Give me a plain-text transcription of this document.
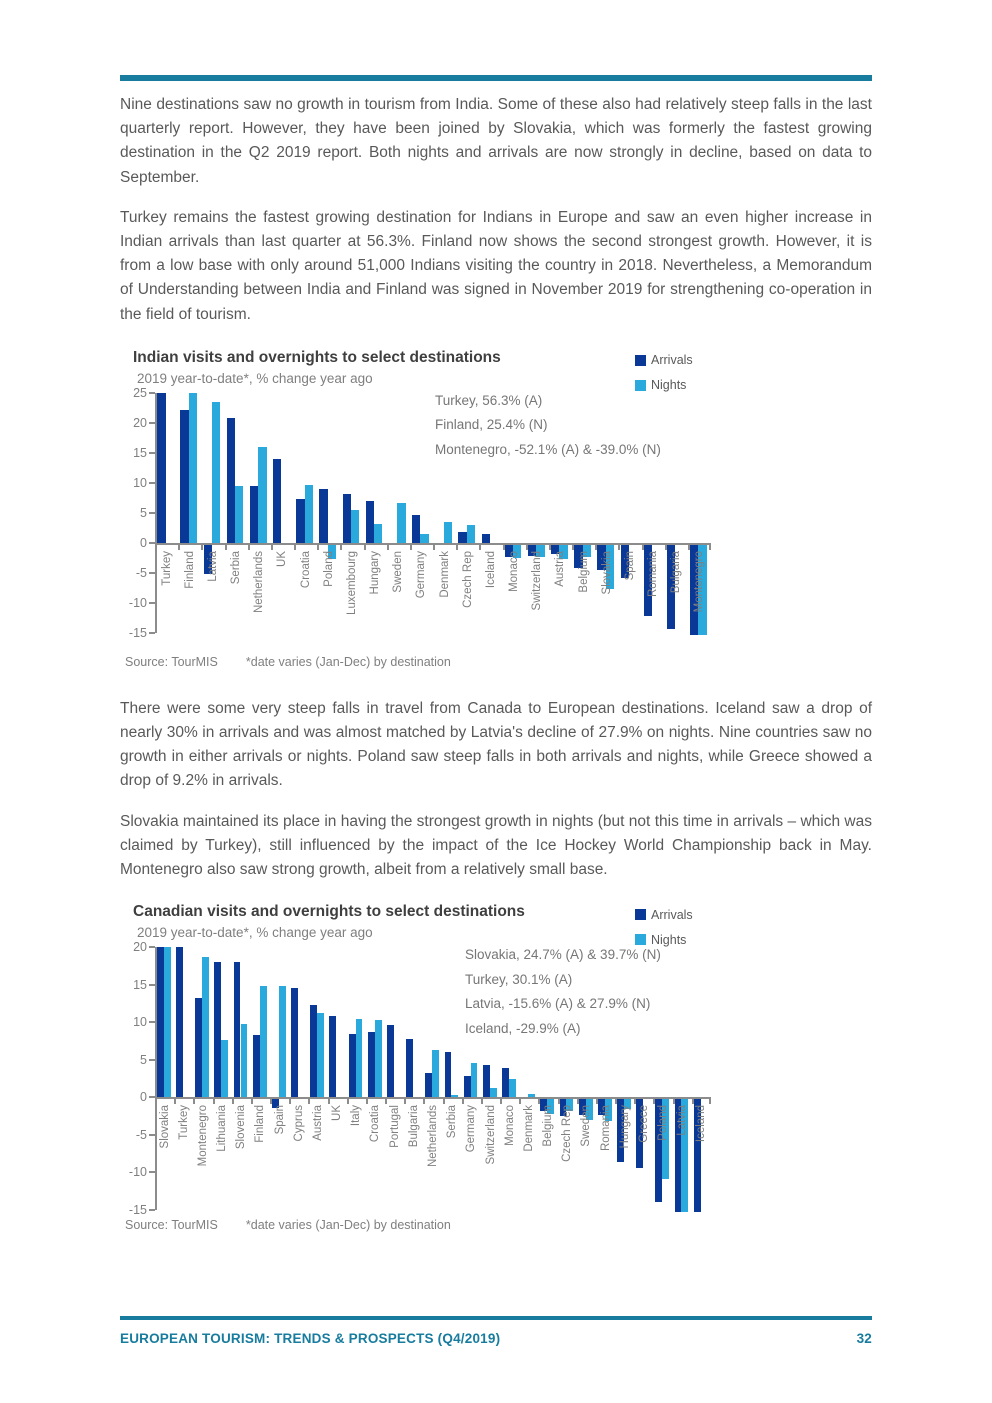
Nine destinations saw no growth in tourism from India. Some of these also had relatively steep falls in the last quarterly report. However, they have been joined by Slovakia, which was formerly the fastest growing destination in the Q2 2019 report. Both nights and arrivals are now strongly in decline, based on data to September.

Turkey remains the fastest growing destination for Indians in Europe and saw an even higher increase in Indian arrivals than last quarter at 56.3%. Finland now shows the second strongest growth. However, it is from a low base with only around 51,000 Indians visiting the country in 2018. Nevertheless, a Memorandum of Understanding between India and Finland was signed in November 2019 for strengthening co-operation in the field of tourism.

Indian visits and overnights to select destinations	Arrivals
Nights
2019 year-to-date*, % change year ago
25
20
15
10
5
0
-5
-10
-15
Turkey Finland Latvia Serbia Netherlands UK Croatia Poland Luxembourg Hungary Sweden Germany Denmark Czech Rep Iceland Monaco Switzerland Austria Belgium Slovakia Spain Romania Bulgaria Montenegro
Turkey, 56.3% (A)
Finland, 25.4% (N)
Montenegro, -52.1% (A) & -39.0% (N)
Source: TourMIS *date varies (Jan-Dec) by destination

There were some very steep falls in travel from Canada to European destinations. Iceland saw a drop of nearly 30% in arrivals and was almost matched by Latvia's decline of 27.9% on nights. Nine countries saw no growth in either arrivals or nights. Poland saw steep falls in both arrivals and nights, while Greece showed a drop of 9.2% in arrivals.

Slovakia maintained its place in having the strongest growth in nights (but not this time in arrivals – which was claimed by Turkey), still influenced by the impact of the Ice Hockey World Championship back in May. Montenegro also saw strong growth, albeit from a relatively small base.

Canadian visits and overnights to select destinations	Arrivals
Nights
2019 year-to-date*, % change year ago
20
15
10
5
0
-5
-10
-15
Slovakia Turkey Montenegro Lithuania Slovenia Finland Spain Cyprus Austria UK Italy Croatia Portugal Bulgaria Netherlands Serbia Germany Switzerland Monaco Denmark Belgium Czech Rep Sweden Romania Hungary Greece Poland Latvia Iceland
Slovakia, 24.7% (A) & 39.7% (N)
Turkey, 30.1% (A)
Latvia, -15.6% (A) & 27.9% (N)
Iceland, -29.9% (A)
Source: TourMIS *date varies (Jan-Dec) by destination
EUROPEAN TOURISM: TRENDS & PROSPECTS (Q4/2019)	32
